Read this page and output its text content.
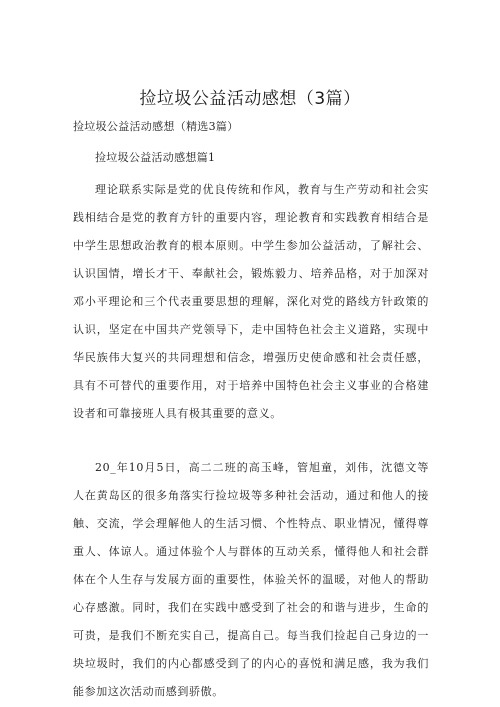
捡垃圾公益活动感想（3篇）
捡垃圾公益活动感想（精选3篇）
捡垃圾公益活动感想篇1

理论联系实际是党的优良传统和作风，教育与生产劳动和社会实践相结合是党的教育方针的重要内容，理论教育和实践教育相结合是中学生思想政治教育的根本原则。中学生参加公益活动，了解社会、认识国情，增长才干、奉献社会，锻炼毅力、培养品格，对于加深对邓小平理论和三个代表重要思想的理解，深化对党的路线方针政策的认识，坚定在中国共产党领导下，走中国特色社会主义道路，实现中华民族伟大复兴的共同理想和信念，增强历史使命感和社会责任感，具有不可替代的重要作用，对于培养中国特色社会主义事业的合格建设者和可靠接班人具有极其重要的意义。

20_年10月5日，高二二班的高玉峰，管旭童，刘伟，沈德文等人在黄岛区的很多角落实行捡垃圾等多种社会活动，通过和他人的接触、交流，学会理解他人的生活习惯、个性特点、职业情况，懂得尊重人、体谅人。通过体验个人与群体的互动关系，懂得他人和社会群体在个人生存与发展方面的重要性，体验关怀的温暖，对他人的帮助心存感激。同时，我们在实践中感受到了社会的和谐与进步，生命的可贵，是我们不断充实自己，提高自己。每当我们捡起自己身边的一块垃圾时，我们的内心都感受到了的内心的喜悦和满足感，我为我们能参加这次活动而感到骄傲。
